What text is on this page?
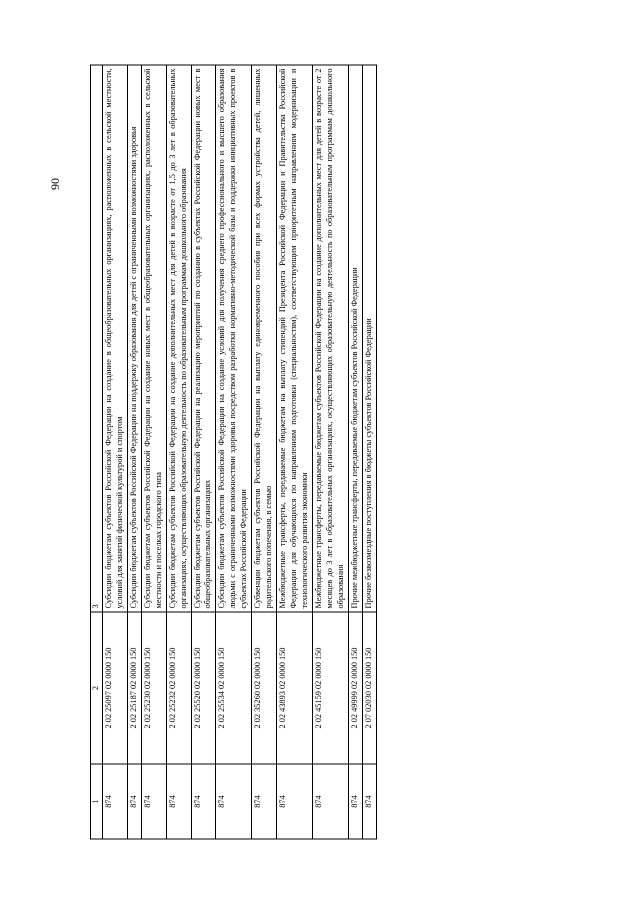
90
1	2	3
874	2 02 25097 02 0000 150	Субсидии бюджетам субъектов Российской Федерации на создание в общеобразовательных организациях, расположенных в сельской местности, условий для занятий физической культурой и спортом
874	2 02 25187 02 0000 150	Субсидии бюджетам субъектов Российской Федерации на поддержку образования для детей с ограниченными возможностями здоровья
874	2 02 25230 02 0000 150	Субсидии бюджетам субъектов Российской Федерации на создание новых мест в общеобразовательных организациях, расположенных в сельской местности и поселках городского типа
874	2 02 25232 02 0000 150	Субсидии бюджетам субъектов Российской Федерации на создание дополнительных мест для детей в возрасте от 1,5 до 3 лет в образовательных организациях, осуществляющих образовательную деятельность по образовательным программам дошкольного образования
874	2 02 25520 02 0000 150	Субсидии бюджетам субъектов Российской Федерации на реализацию мероприятий по созданию в субъектах Российской Федерации новых мест в общеобразовательных организациях
874	2 02 25534 02 0000 150	Субсидии бюджетам субъектов Российской Федерации на создание условий для получения среднего профессионального и высшего образования людьми с ограниченными возможностями здоровья посредством разработки нормативно-методической базы и поддержки инициативных проектов в субъектах Российской Федерации
874	2 02 35260 02 0000 150	Субвенции бюджетам субъектов Российской Федерации на выплату единовременного пособия при всех формах устройства детей, лишенных родительского попечения, в семью
874	2 02 43893 02 0000 150	Межбюджетные трансферты, передаваемые бюджетам на выплату стипендий Президента Российской Федерации и Правительства Российской Федерации для обучающихся по направлениям подготовки (специальностям), соответствующим приоритетным направлениям модернизации и технологического развития экономики
874	2 02 45159 02 0000 150	Межбюджетные трансферты, передаваемые бюджетам субъектов Российской Федерации на создание дополнительных мест для детей в возрасте от 2 месяцев до 3 лет в образовательных организациях, осуществляющих образовательную деятельность по образовательным программам дошкольного образования
874	2 02 49999 02 0000 150	Прочие межбюджетные трансферты, передаваемые бюджетам субъектов Российской Федерации
874	2 07 02030 02 0000 150	Прочие безвозмездные поступления в бюджеты субъектов Российской Федерации
